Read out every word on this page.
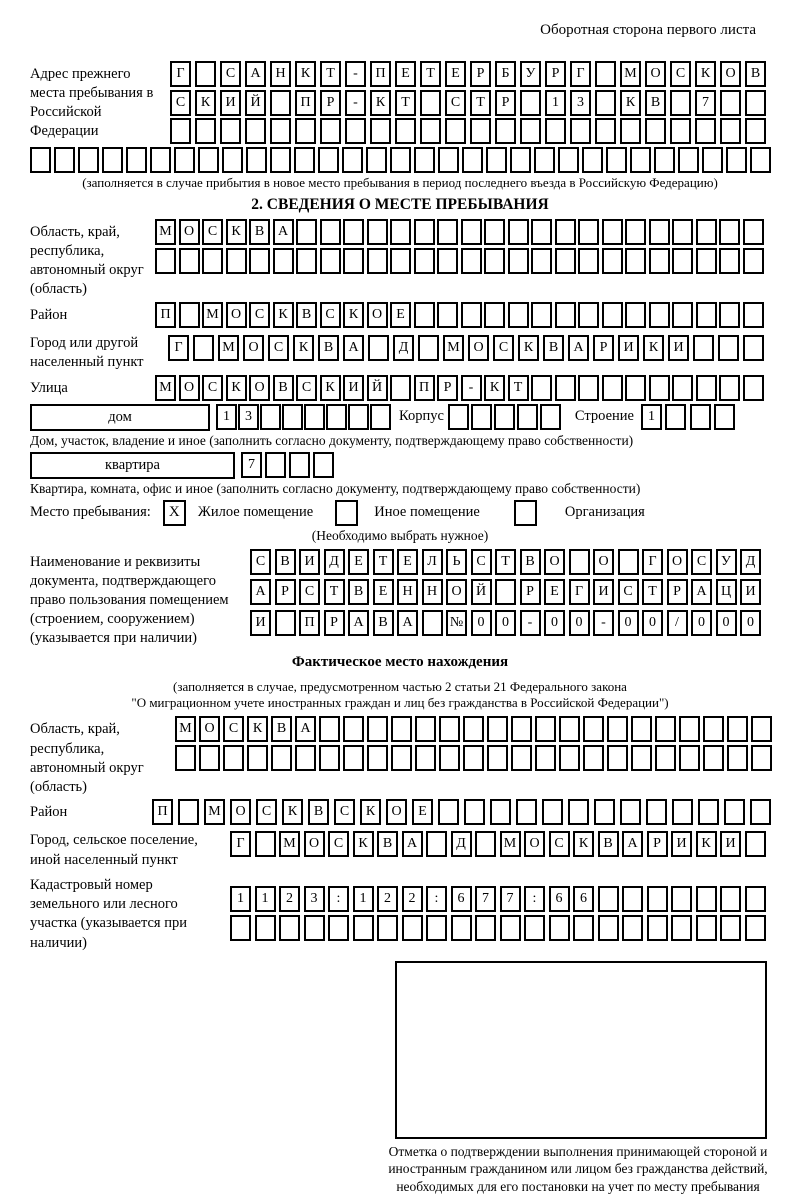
Оборотная сторона первого листа
Адрес прежнего места пребывания в Российской Федерации
Г	С	А	Н	К	Т	-	П	Е	Т	Е	Р	Б	У	Р	Г	М О	С	К	О	В
С	К	И	Й	П	Р	-	К	Т	С	Т	Р	1	3	К	В	7
(заполняется в случае прибытия в новое место пребывания в период последнего въезда в Российскую Федерацию)
2. СВЕДЕНИЯ О МЕСТЕ ПРЕБЫВАНИЯ
Область, край, республика, автономный округ (область)
М О С	К	В А
Район	П	М О С	К	В	С	К О	Е
Город или другой населенный пункт
Г	М О	С	К	В	А	Д	М О	С	К	В	А	Р	И	К	И
Улица	М О С	К О В	С	К И Й	П	Р	-	К	Т
дом	1	3	Корпус	Строение	1
Дом, участок, владение и иное (заполнить согласно документу, подтверждающему право собственности)
квартира	7
Квартира, комната, офис и иное (заполнить согласно документу, подтверждающему право собственности)
Место пребывания:	X	Жилое помещение	Иное помещение	Организация
(Необходимо выбрать нужное)
Наименование и реквизиты документа, подтверждающего право пользования помещением (строением, сооружением) (указывается при наличии)
С	В	И	Д	Е	Т	Е	Л	Ь	С	Т	В	О	О	Г	О	С	У	Д
А	Р	С	Т	В	Е	Н	Н	О	Й	Р	Е	Г	И	С	Т	Р	А	Ц	И
И	П	Р	А	В	А	№	0	0	-	0	0	-	0	0	/	0	0	0
Фактическое место нахождения
(заполняется в случае, предусмотренном частью 2 статьи 21 Федерального закона
"О миграционном учете иностранных граждан и лиц без гражданства в Российской Федерации")
Область, край, республика, автономный округ (область)
М О	С	К	В	А
Район	П	М	О	С	К	В	С	К	О	Е
Город, сельское поселение, иной населенный пункт
Г	М О	С	К	В	А	Д	М О	С	К	В	А	Р	И	К	И
Кадастровый номер земельного или лесного участка (указывается при наличии)
1	1	2	3	:	1	2	2	:	6	7	7	:	6	6
Отметка о подтверждении выполнения принимающей стороной и иностранным гражданином или лицом без гражданства действий, необходимых для его постановки на учет по месту пребывания
